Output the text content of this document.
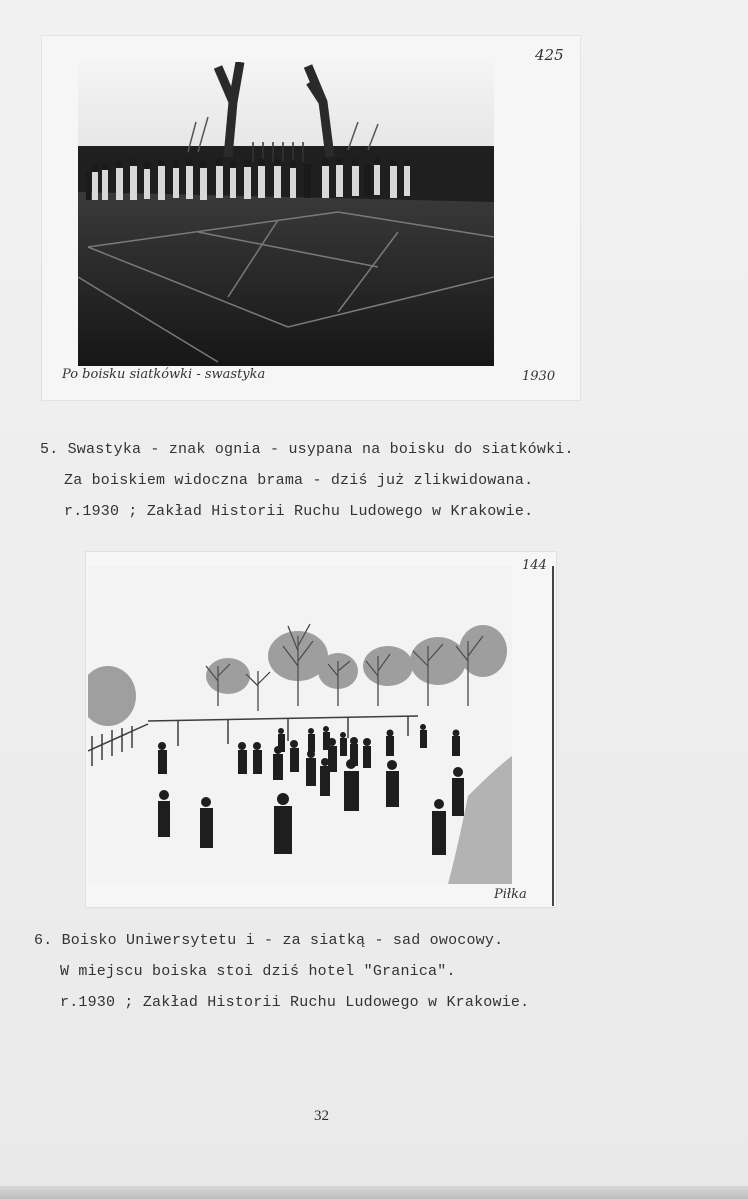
425
Po boisku siatkówki - swastyka	1930
5. Swastyka - znak ognia - usypana na boisku do siatkówki.
Za boiskiem widoczna brama - dziś już zlikwidowana.
r.1930 ; Zakład Historii Ruchu Ludowego w Krakowie.
144
Piłka
6. Boisko Uniwersytetu i - za siatką - sad owocowy.
W miejscu boiska stoi dziś hotel "Granica".
r.1930 ; Zakład Historii Ruchu Ludowego w Krakowie.
32
